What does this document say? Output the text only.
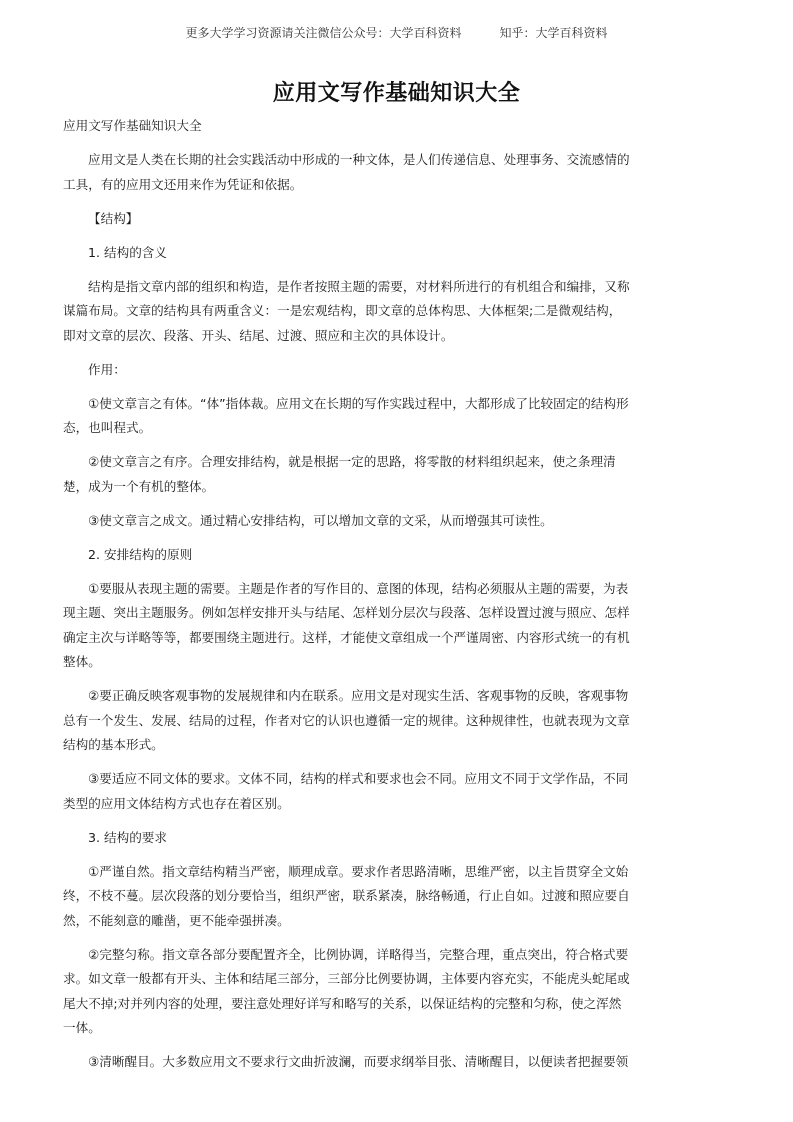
更多大学学习资源请关注微信公众号：大学百科资料	知乎：大学百科资料
应用文写作基础知识大全
应用文写作基础知识大全
应用文是人类在长期的社会实践活动中形成的一种文体，是人们传递信息、处理事务、交流感情的
工具，有的应用文还用来作为凭证和依据。
【结构】
1. 结构的含义
结构是指文章内部的组织和构造，是作者按照主题的需要，对材料所进行的有机组合和编排，又称
谋篇布局。文章的结构具有两重含义：一是宏观结构，即文章的总体构思、大体框架;二是微观结构，
即对文章的层次、段落、开头、结尾、过渡、照应和主次的具体设计。
作用：
①使文章言之有体。“体”指体裁。应用文在长期的写作实践过程中，大都形成了比较固定的结构形
态，也叫程式。
②使文章言之有序。合理安排结构，就是根据一定的思路，将零散的材料组织起来，使之条理清
楚，成为一个有机的整体。
③使文章言之成文。通过精心安排结构，可以增加文章的文采，从而增强其可读性。
2. 安排结构的原则
①要服从表现主题的需要。主题是作者的写作目的、意图的体现，结构必须服从主题的需要，为表
现主题、突出主题服务。例如怎样安排开头与结尾、怎样划分层次与段落、怎样设置过渡与照应、怎样
确定主次与详略等等，都要围绕主题进行。这样，才能使文章组成一个严谨周密、内容形式统一的有机
整体。
②要正确反映客观事物的发展规律和内在联系。应用文是对现实生活、客观事物的反映，客观事物
总有一个发生、发展、结局的过程，作者对它的认识也遵循一定的规律。这种规律性，也就表现为文章
结构的基本形式。
③要适应不同文体的要求。文体不同，结构的样式和要求也会不同。应用文不同于文学作品，不同
类型的应用文体结构方式也存在着区别。
3. 结构的要求
①严谨自然。指文章结构精当严密，顺理成章。要求作者思路清晰，思维严密，以主旨贯穿全文始
终，不枝不蔓。层次段落的划分要恰当，组织严密，联系紧凑，脉络畅通，行止自如。过渡和照应要自
然，不能刻意的雕凿，更不能牵强拼凑。
②完整匀称。指文章各部分要配置齐全，比例协调，详略得当，完整合理，重点突出，符合格式要
求。如文章一般都有开头、主体和结尾三部分，三部分比例要协调，主体要内容充实，不能虎头蛇尾或
尾大不掉;对并列内容的处理，要注意处理好详写和略写的关系，以保证结构的完整和匀称，使之浑然
一体。
③清晰醒目。大多数应用文不要求行文曲折波澜，而要求纲举目张、清晰醒目，以便读者把握要领
